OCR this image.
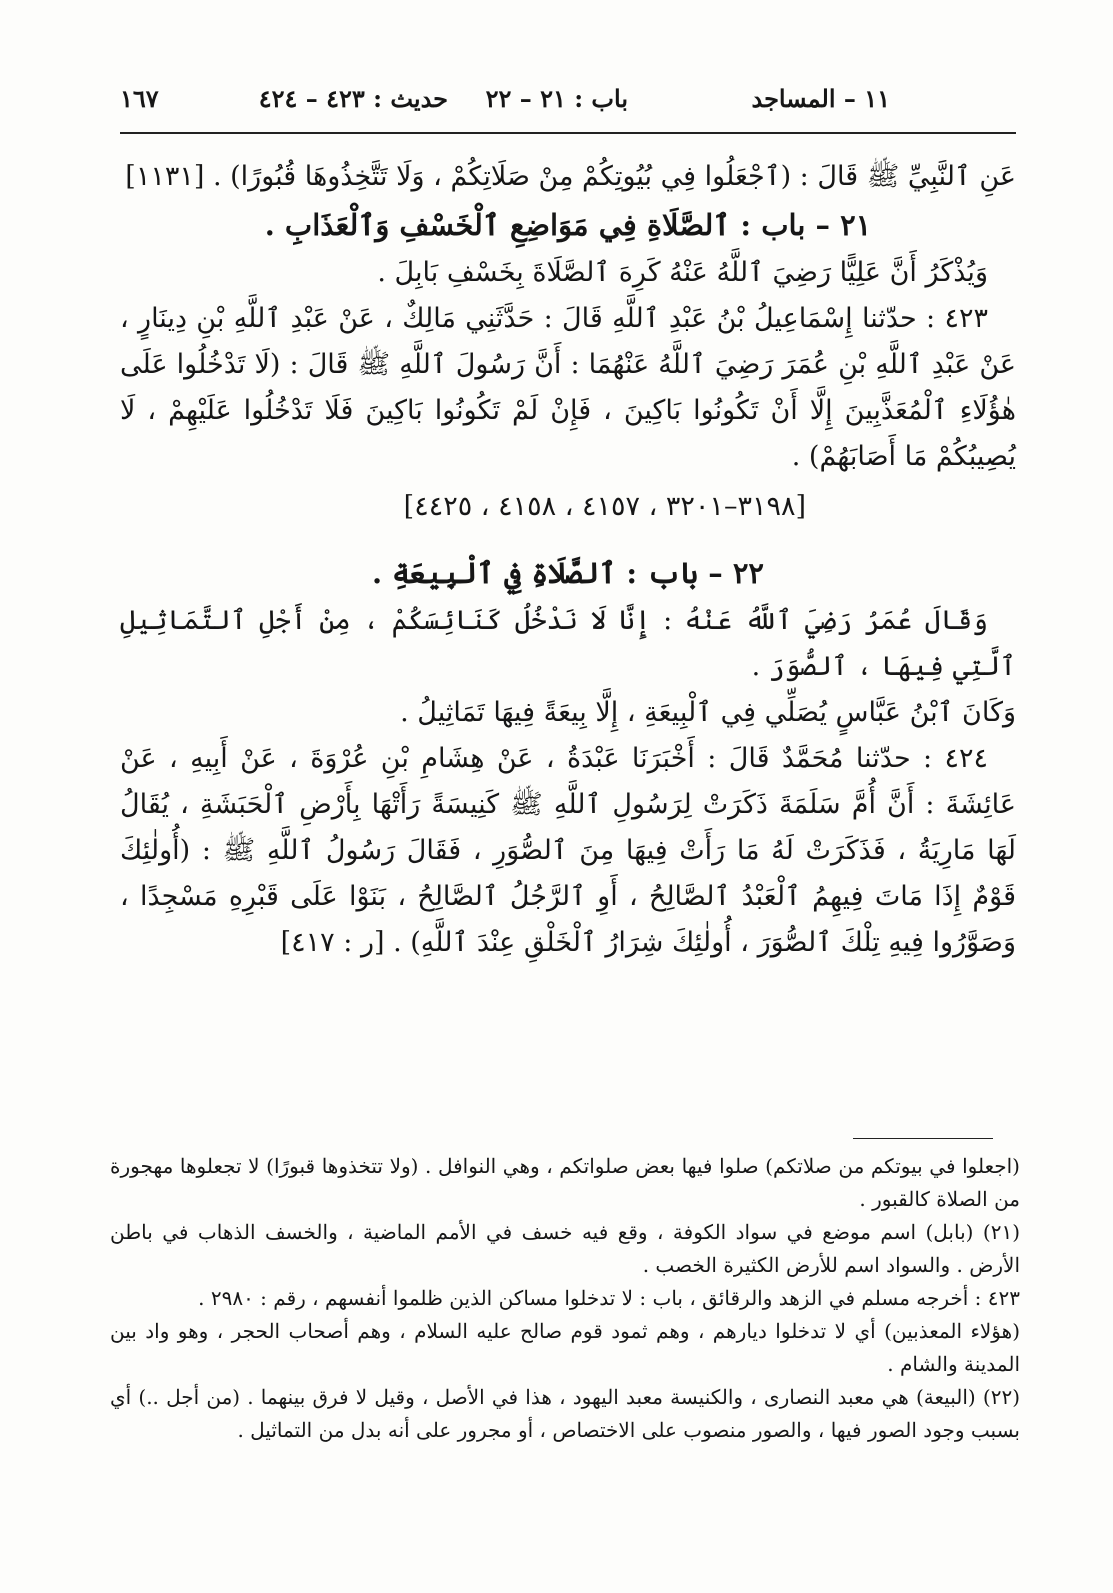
١١ – المساجد
باب : ٢١ – ٢٢
حديث : ٤٢٣ – ٤٢٤
١٦٧

عَنِ ٱلنَّبِيِّ ﷺ قَالَ : (ٱجْعَلُوا فِي بُيُوتِكُمْ مِنْ صَلَاتِكُمْ ، وَلَا تَتَّخِذُوهَا قُبُورًا) . [١١٣١]

٢١ – باب : ٱلصَّلَاةِ فِي مَوَاضِعِ ٱلْخَسْفِ وَٱلْعَذَابِ .

وَيُذْكَرُ أَنَّ عَلِيًّا رَضِيَ ٱللَّهُ عَنْهُ كَرِهَ ٱلصَّلَاةَ بِخَسْفِ بَابِلَ .

٤٢٣ : حدّثنا إِسْمَاعِيلُ بْنُ عَبْدِ ٱللَّهِ قَالَ : حَدَّثَنِي مَالِكٌ ، عَنْ عَبْدِ ٱللَّهِ بْنِ دِينَارٍ ، عَنْ عَبْدِ ٱللَّهِ بْنِ عُمَرَ رَضِيَ ٱللَّهُ عَنْهُمَا : أَنَّ رَسُولَ ٱللَّهِ ﷺ قَالَ : (لَا تَدْخُلُوا عَلَى هٰؤُلَاءِ ٱلْمُعَذَّبِينَ إِلَّا أَنْ تَكُونُوا بَاكِينَ ، فَإِنْ لَمْ تَكُونُوا بَاكِينَ فَلَا تَدْخُلُوا عَلَيْهِمْ ، لَا يُصِيبُكُمْ مَا أَصَابَهُمْ) .

[٣١٩٨–٣٢٠١ ، ٤١٥٧ ، ٤١٥٨ ، ٤٤٢٥]

٢٢ – باب : ٱلصَّلَاةِ فِي ٱلْبِيعَةِ .

وَقَالَ عُمَرُ رَضِيَ ٱللَّهُ عَنْهُ : إِنَّا لَا نَدْخُلُ كَنَائِسَكُمْ ، مِنْ أَجْلِ ٱلتَّمَاثِيلِ ٱلَّتِي فِيهَا ، ٱلصُّوَرَ .

وَكَانَ ٱبْنُ عَبَّاسٍ يُصَلِّي فِي ٱلْبِيعَةِ ، إِلَّا بِيعَةً فِيهَا تَمَاثِيلُ .

٤٢٤ : حدّثنا مُحَمَّدٌ قَالَ : أَخْبَرَنَا عَبْدَةُ ، عَنْ هِشَامِ بْنِ عُرْوَةَ ، عَنْ أَبِيهِ ، عَنْ عَائِشَةَ : أَنَّ أُمَّ سَلَمَةَ ذَكَرَتْ لِرَسُولِ ٱللَّهِ ﷺ كَنِيسَةً رَأَتْهَا بِأَرْضِ ٱلْحَبَشَةِ ، يُقَالُ لَهَا مَارِيَةُ ، فَذَكَرَتْ لَهُ مَا رَأَتْ فِيهَا مِنَ ٱلصُّوَرِ ، فَقَالَ رَسُولُ ٱللَّهِ ﷺ : (أُولٰئِكَ قَوْمٌ إِذَا مَاتَ فِيهِمُ ٱلْعَبْدُ ٱلصَّالِحُ ، أَوِ ٱلرَّجُلُ ٱلصَّالِحُ ، بَنَوْا عَلَى قَبْرِهِ مَسْجِدًا ، وَصَوَّرُوا فِيهِ تِلْكَ ٱلصُّوَرَ ، أُولٰئِكَ شِرَارُ ٱلْخَلْقِ عِنْدَ ٱللَّهِ) . [ر : ٤١٧]

(اجعلوا في بيوتكم من صلاتكم) صلوا فيها بعض صلواتكم ، وهي النوافل . (ولا تتخذوها قبورًا) لا تجعلوها مهجورة من الصلاة كالقبور .

(٢١) (بابل) اسم موضع في سواد الكوفة ، وقع فيه خسف في الأمم الماضية ، والخسف الذهاب في باطن الأرض . والسواد اسم للأرض الكثيرة الخصب .

٤٢٣ : أخرجه مسلم في الزهد والرقائق ، باب : لا تدخلوا مساكن الذين ظلموا أنفسهم ، رقم : ٢٩٨٠ .

(هؤلاء المعذبين) أي لا تدخلوا ديارهم ، وهم ثمود قوم صالح عليه السلام ، وهم أصحاب الحجر ، وهو واد بين المدينة والشام .

(٢٢) (البيعة) هي معبد النصارى ، والكنيسة معبد اليهود ، هذا في الأصل ، وقيل لا فرق بينهما . (من أجل ..) أي بسبب وجود الصور فيها ، والصور منصوب على الاختصاص ، أو مجرور على أنه بدل من التماثيل .
